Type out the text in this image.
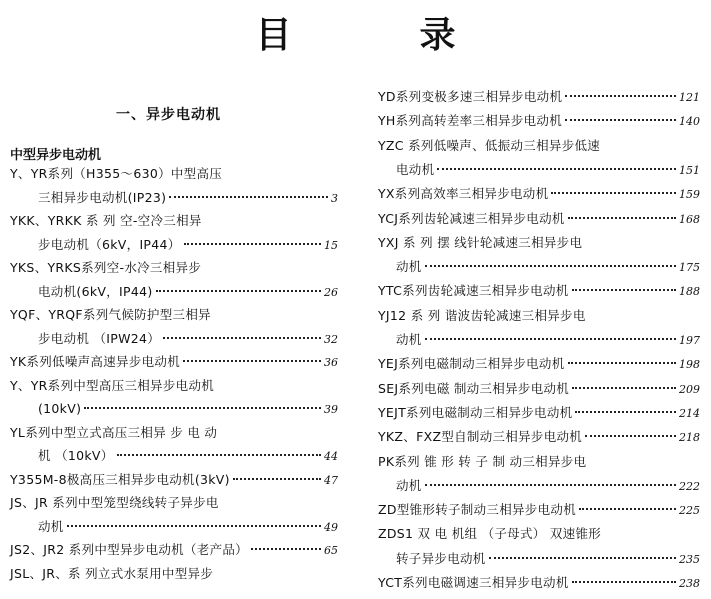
目　录
一、异步电动机
中型异步电动机
Y、YR系列（H355～630）中型高压
三相异步电动机(IP23)	3
YKK、YRKK 系 列 空-空冷三相异
步电动机（6kV，IP44）	15
YKS、YRKS系列空-水冷三相异步
电动机(6kV，IP44)	26
YQF、YRQF系列气候防护型三相异
步电动机 （IPW24）	32
YK系列低噪声高速异步电动机	36
Y、YR系列中型高压三相异步电动机
(10kV)	39
YL系列中型立式高压三相异 步 电 动
机 （10kV）	44
Y355M-8极高压三相异步电动机(3kV)	47
JS、JR 系列中型笼型绕线转子异步电
动机	49
JS2、JR2 系列中型异步电动机（老产品）	65
JSL、JR、系 列立式水泵用中型异步
YD系列变极多速三相异步电动机	121
YH系列高转差率三相异步电动机	140
YZC 系列低噪声、低振动三相异步低速
电动机	151
YX系列高效率三相异步电动机	159
YCJ系列齿轮减速三相异步电动机	168
YXJ 系 列 摆 线针轮减速三相异步电
动机	175
YTC系列齿轮减速三相异步电动机	188
YJ12 系 列 谐波齿轮减速三相异步电
动机	197
YEJ系列电磁制动三相异步电动机	198
SEJ系列电磁 制动三相异步电动机	209
YEJT系列电磁制动三相异步电动机	214
YKZ、FXZ型自制动三相异步电动机	218
PK系列 锥 形 转 子 制 动三相异步电
动机	222
ZD型锥形转子制动三相异步电动机	225
ZDS1 双 电 机组 （子母式） 双速锥形
转子异步电动机	235
YCT系列电磁调速三相异步电动机	238
